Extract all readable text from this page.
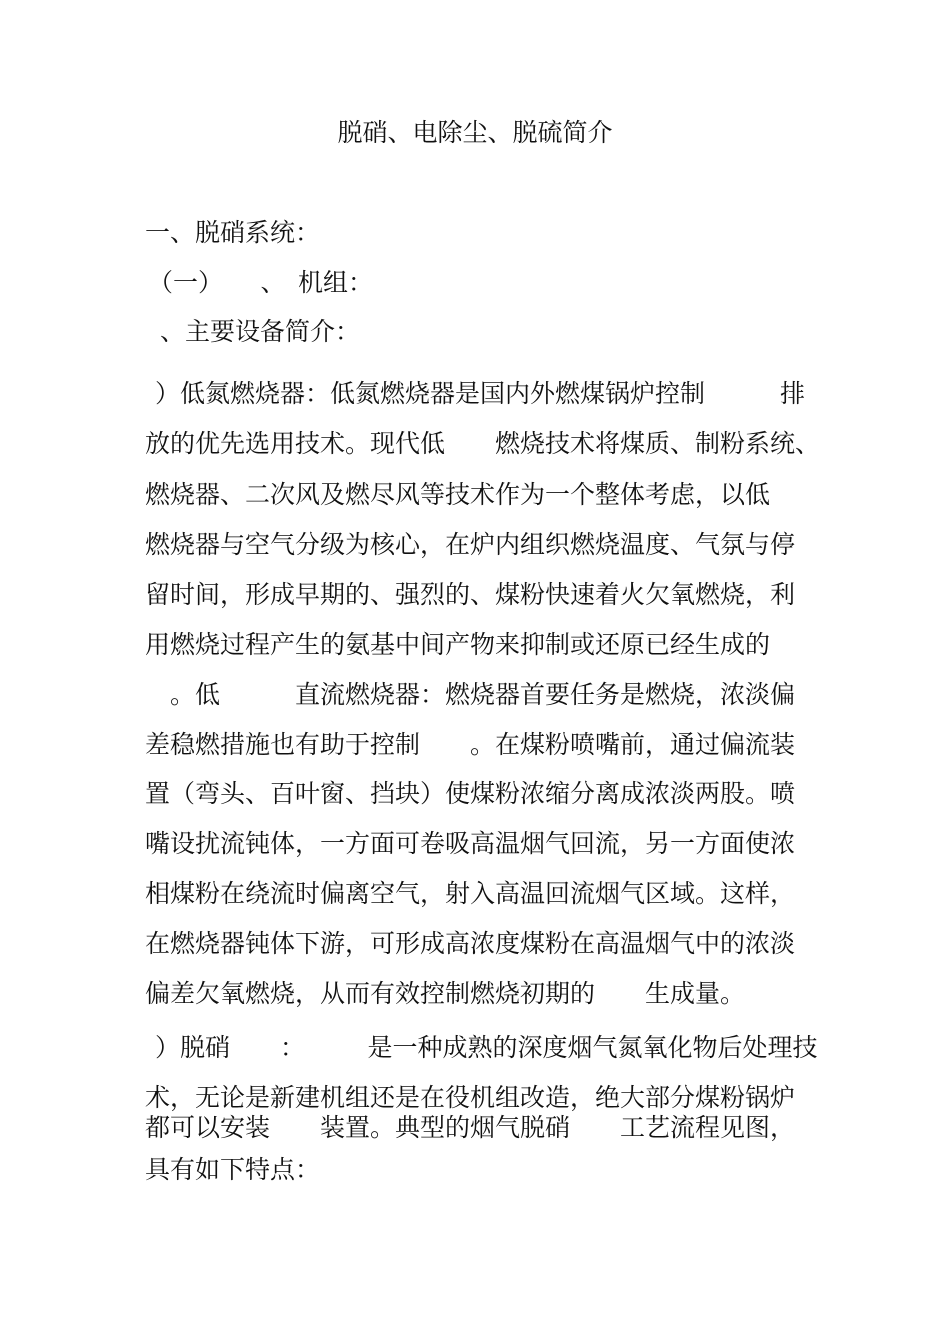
脱硝、电除尘、脱硫简介
一、脱硝系统：
（一）　　、　机组：
、主要设备简介：
）低氮燃烧器：低氮燃烧器是国内外燃煤锅炉控制　　　排
放的优先选用技术。现代低　　燃烧技术将煤质、制粉系统、
燃烧器、二次风及燃尽风等技术作为一个整体考虑，以低
燃烧器与空气分级为核心，在炉内组织燃烧温度、气氛与停
留时间，形成早期的、强烈的、煤粉快速着火欠氧燃烧，利
用燃烧过程产生的氨基中间产物来抑制或还原已经生成的
　。低　　　直流燃烧器：燃烧器首要任务是燃烧，浓淡偏
差稳燃措施也有助于控制　　。在煤粉喷嘴前，通过偏流装
置（弯头、百叶窗、挡块）使煤粉浓缩分离成浓淡两股。喷
嘴设扰流钝体，一方面可卷吸高温烟气回流，另一方面使浓
相煤粉在绕流时偏离空气，射入高温回流烟气区域。这样，
在燃烧器钝体下游，可形成高浓度煤粉在高温烟气中的浓淡
偏差欠氧燃烧，从而有效控制燃烧初期的　　生成量。
）脱硝　　：　　　是一种成熟的深度烟气氮氧化物后处理技
术，无论是新建机组还是在役机组改造，绝大部分煤粉锅炉
都可以安装　　装置。典型的烟气脱硝　　工艺流程见图，
具有如下特点：
